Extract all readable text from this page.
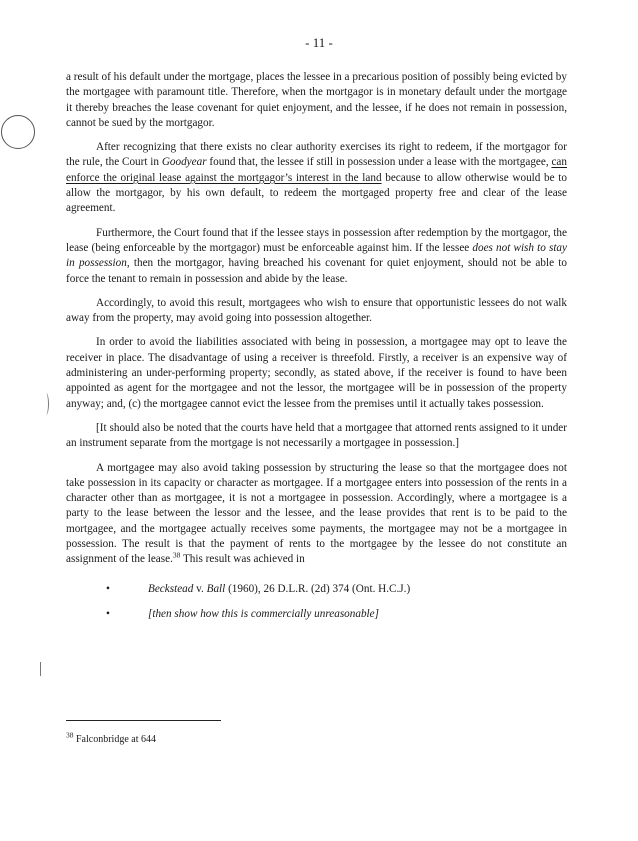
- 11 -

a result of his default under the mortgage, places the lessee in a precarious position of possibly being evicted by the mortgagee with paramount title. Therefore, when the mortgagor is in monetary default under the mortgage it thereby breaches the lease covenant for quiet enjoyment, and the lessee, if he does not remain in possession, cannot be sued by the mortgagor.

After recognizing that there exists no clear authority exercises its right to redeem, if the mortgagor for the rule, the Court in Goodyear found that, the lessee if still in possession under a lease with the mortgagee, can enforce the original lease against the mortgagor’s interest in the land because to allow otherwise would be to allow the mortgagor, by his own default, to redeem the mortgaged property free and clear of the lease agreement.

Furthermore, the Court found that if the lessee stays in possession after redemption by the mortgagor, the lease (being enforceable by the mortgagor) must be enforceable against him. If the lessee does not wish to stay in possession, then the mortgagor, having breached his covenant for quiet enjoyment, should not be able to force the tenant to remain in possession and abide by the lease.

Accordingly, to avoid this result, mortgagees who wish to ensure that opportunistic lessees do not walk away from the property, may avoid going into possession altogether.

In order to avoid the liabilities associated with being in possession, a mortgagee may opt to leave the receiver in place. The disadvantage of using a receiver is threefold. Firstly, a receiver is an expensive way of administering an under-performing property; secondly, as stated above, if the receiver is found to have been appointed as agent for the mortgagee and not the lessor, the mortgagee will be in possession of the property anyway; and, (c) the mortgagee cannot evict the lessee from the premises until it actually takes possession.

[It should also be noted that the courts have held that a mortgagee that attorned rents assigned to it under an instrument separate from the mortgage is not necessarily a mortgagee in possession.]

A mortgagee may also avoid taking possession by structuring the lease so that the mortgagee does not take possession in its capacity or character as mortgagee. If a mortgagee enters into possession of the rents in a character other than as mortgagee, it is not a mortgagee in possession. Accordingly, where a mortgagee is a party to the lease between the lessor and the lessee, and the lease provides that rent is to be paid to the mortgagee, and the mortgagee actually receives some payments, the mortgagee may not be a mortgagee in possession. The result is that the payment of rents to the mortgagee by the lessee do not constitute an assignment of the lease.$^{38}$ This result was achieved in

•	Beckstead v. Ball (1960), 26 D.L.R. (2d) 374 (Ont. H.C.J.)
•	[then show how this is commercially unreasonable]
$^{38}$ Falconbridge at 644
